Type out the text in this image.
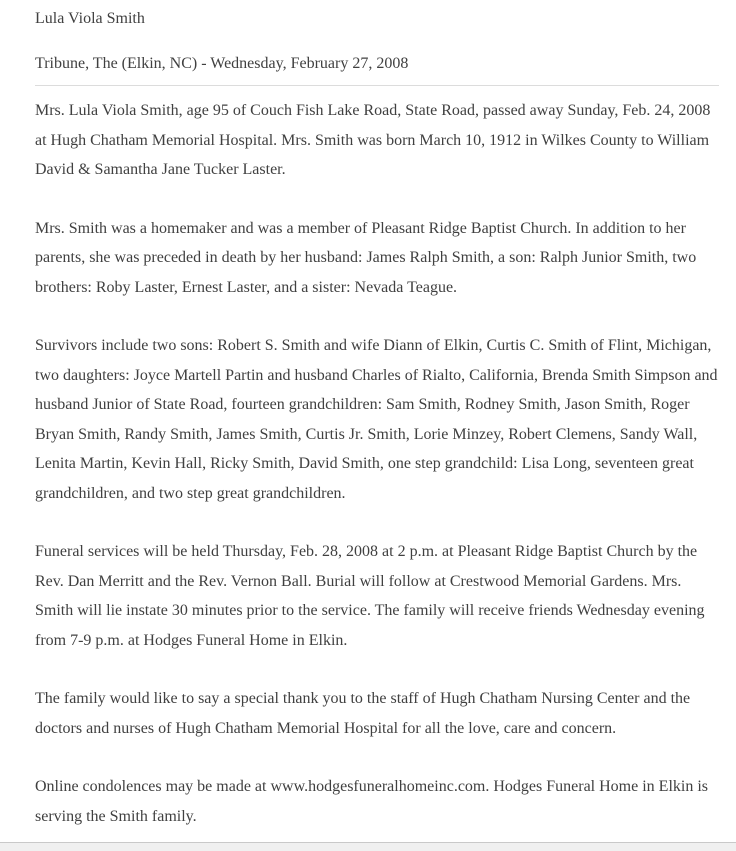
Lula Viola Smith

Tribune, The (Elkin, NC) - Wednesday, February 27, 2008

Mrs. Lula Viola Smith, age 95 of Couch Fish Lake Road, State Road, passed away Sunday, Feb. 24, 2008 at Hugh Chatham Memorial Hospital. Mrs. Smith was born March 10, 1912 in Wilkes County to William David & Samantha Jane Tucker Laster.

Mrs. Smith was a homemaker and was a member of Pleasant Ridge Baptist Church. In addition to her parents, she was preceded in death by her husband: James Ralph Smith, a son: Ralph Junior Smith, two brothers: Roby Laster, Ernest Laster, and a sister: Nevada Teague.

Survivors include two sons: Robert S. Smith and wife Diann of Elkin, Curtis C. Smith of Flint, Michigan, two daughters: Joyce Martell Partin and husband Charles of Rialto, California, Brenda Smith Simpson and husband Junior of State Road, fourteen grandchildren: Sam Smith, Rodney Smith, Jason Smith, Roger Bryan Smith, Randy Smith, James Smith, Curtis Jr. Smith, Lorie Minzey, Robert Clemens, Sandy Wall, Lenita Martin, Kevin Hall, Ricky Smith, David Smith, one step grandchild: Lisa Long, seventeen great grandchildren, and two step great grandchildren.

Funeral services will be held Thursday, Feb. 28, 2008 at 2 p.m. at Pleasant Ridge Baptist Church by the Rev. Dan Merritt and the Rev. Vernon Ball. Burial will follow at Crestwood Memorial Gardens. Mrs. Smith will lie instate 30 minutes prior to the service. The family will receive friends Wednesday evening from 7-9 p.m. at Hodges Funeral Home in Elkin.

The family would like to say a special thank you to the staff of Hugh Chatham Nursing Center and the doctors and nurses of Hugh Chatham Memorial Hospital for all the love, care and concern.

Online condolences may be made at www.hodgesfuneralhomeinc.com. Hodges Funeral Home in Elkin is serving the Smith family.
